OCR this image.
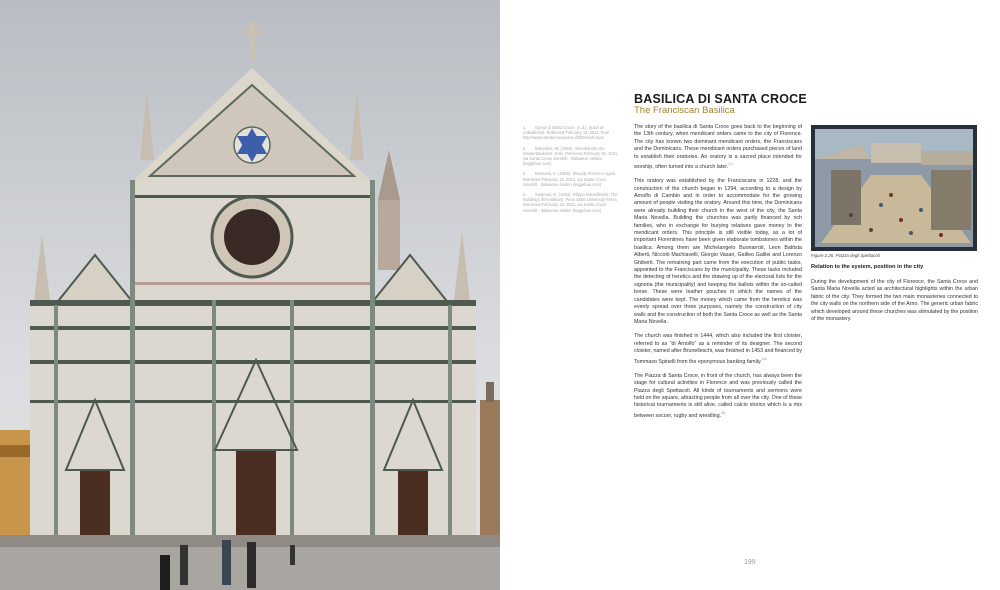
BASILICA DI SANTA CROCE
The Franciscan Basilica
1. Opera di Santa Croce. (n.d.). Spazi ar (ndeditions). Retrieved February 14, 2021, from http://www.santacroceopera.it/it/Default.aspx
2. Braunfels, W. (1969). Abendländis che Klosterbaukunst. Köln. Retrieved February 15, 2021, via Santa Croce sisretirlt - Italiaanse steden (leggebue.com)
3. Bonsanti, E. (1993). Sleepily Florence Again. Retrieved February 15, 2021, via Santa Croce sisretirlt - Italiaanse steden (leggebue.com)
4. Saalman, H. (1993). Filippo Brunelleschi: The Buildings (first edition). Penn State University Press. Retrieved February 15, 2021, via Santa Croce sisretirlt - Italiaanse steden (leggebue.com)

The story of the basilica di Santa Croce goes back to the beginning of the 13th century, when mendicant orders came to the city of Florence. The city has known two dominant mendicant orders, the Franciscans and the Dominicans. These mendicant orders purchased pieces of land to establish their oratories. An oratory is a sacred place intended for worship, often turned into a church later.$^{1,2}$

This oratory was established by the Franciscans in 1228, and the construction of the church began in 1294, according to a design by Arnolfo di Cambio and in order to accommodate for the growing amount of people visiting the oratory. Around this time, the Dominicans were already building their church in the west of the city, the Santa Maria Novella. Building the churches was partly financed by rich families, who in exchange for burying relatives gave money to the mendicant orders. This principle is still visible today, as a lot of important Florentines have been given elaborate tombstones within the basilica. Among them are Michelangelo Buonarroti, Leon Battista Alberti, Niccolò Machiavelli, Giorgio Vasari, Galileo Galilei and Lorenzo Ghiberti. The remaining part came from the execution of public tasks, appointed to the Franciscans by the municipality. These tasks included the detecting of heretics and the drawing up of the electoral lists for the signoria (the municipality) and keeping the ballots within the so-called borse. These were leather pouches in which the names of the candidates were kept. The money which came from the heretics was evenly spread over three purposes, namely the construction of city walls and the construction of both the Santa Croce as well as the Santa Maria Novella.

The church was finished in 1444, which also included the first cloister, referred to as "di Arnolfo" as a reminder of its designer. The second cloister, named after Brunelleschi, was finished in 1453 and financed by Tommaso Spinelli from the eponymous banking family.$^{3,4}$

The Piazza di Santa Croce, in front of the church, has always been the stage for cultural activities in Florence and was previously called the Piazza degli Spettacoli. All kinds of tournaments and sermons were held on the square, attracting people from all over the city. One of these historical tournaments is still alive, called calcio storico which is a mix between soccer, rugby and wrestling.$^{26}$

Figure 2.26: Piazza degli Spettacoli
Relation to the system, position in the city
During the development of the city of Florence, the Santa Croce and Santa Maria Novella acted as architectural highlights within the urban fabric of the city. They formed the two main monasteries connected to the city walls on the northern side of the Arno. The generic urban fabric which developed around these churches was stimulated by the position of the monastery.
199
